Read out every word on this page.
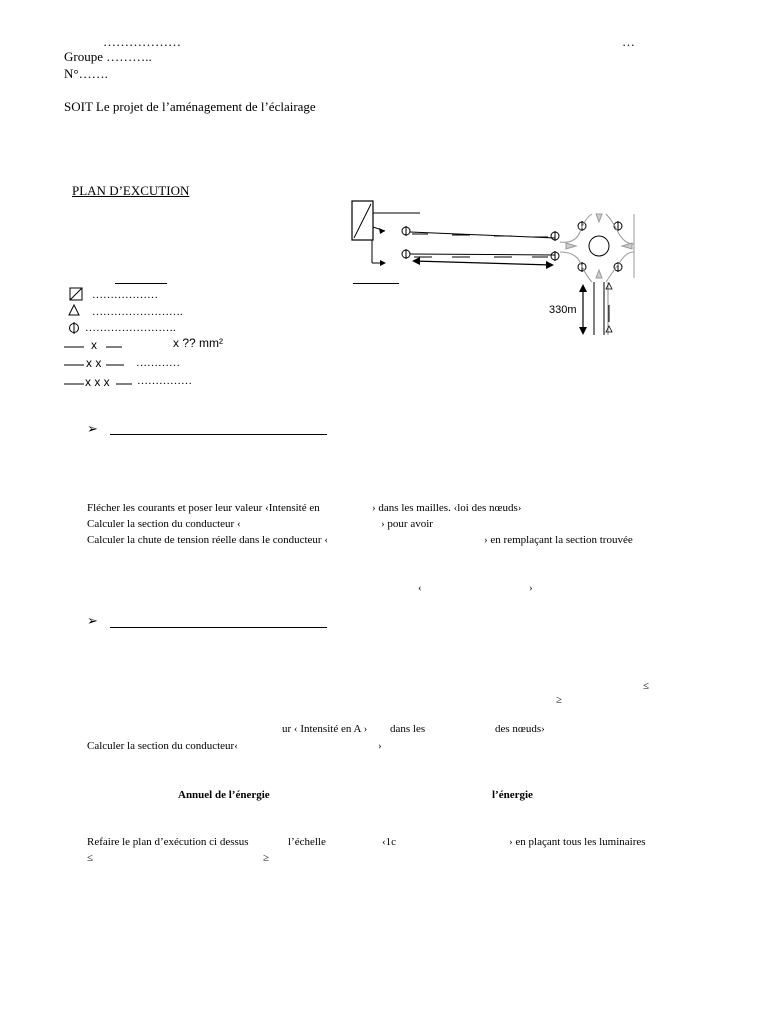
………………	…
Groupe ………..
N°…….
SOIT Le projet de l’aménagement de l’éclairage
PLAN D’EXCUTION
………………
…………………….
…………………….
x	x ?? mm²
x x	…………
x x x ……………
330m
➢
Flécher les courants et poser leur valeur ‹Intensité en	› dans les mailles. ‹loi des nœuds›
Calculer la section du conducteur ‹	› pour avoir
Calculer la chute de tension réelle dans le conducteur ‹	› en remplaçant la section trouvée
‹	›
➢
≤
≥
ur ‹ Intensité en A › dans les	des nœuds›
Calculer la section du conducteur‹	›
Annuel de l’énergie	l’énergie
Refaire le plan d’exécution ci dessus	l’échelle	‹1c	› en plaçant tous les luminaires
≤	≥
